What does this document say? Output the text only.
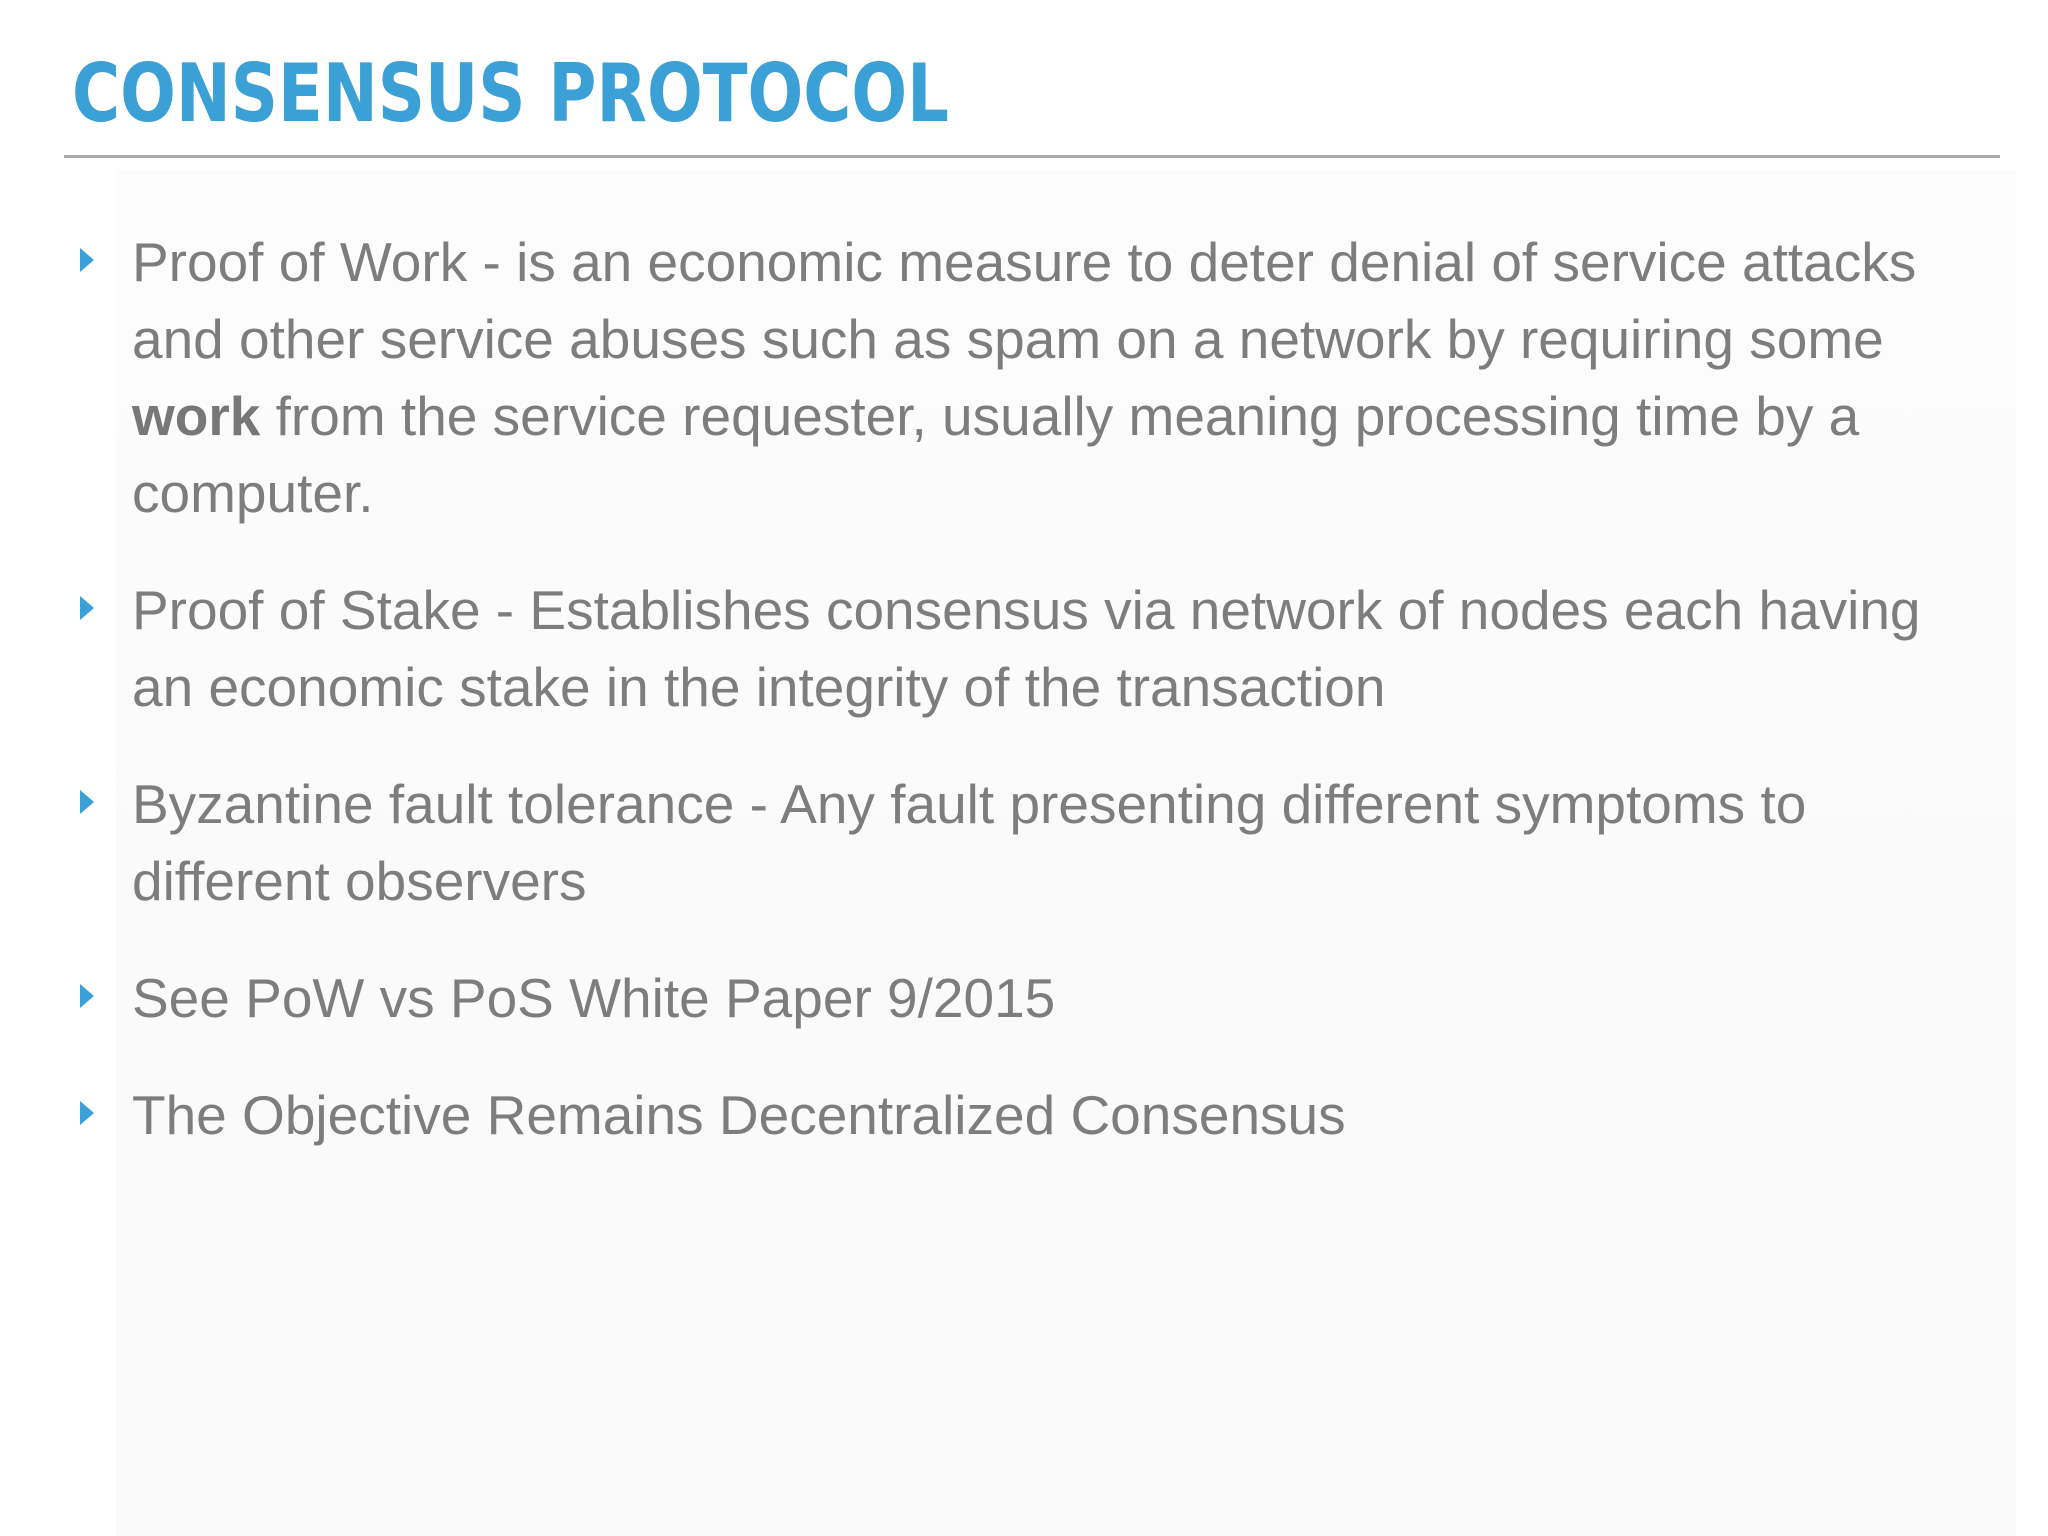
CONSENSUS PROTOCOL
Proof of Work - is an economic measure to deter denial of service attacks and other service abuses such as spam on a network by requiring some work from the service requester, usually meaning processing time by a computer.
Proof of Stake - Establishes consensus via network of nodes each having an economic stake in the integrity of the transaction
Byzantine fault tolerance - Any fault presenting different symptoms to different observers
See PoW vs PoS White Paper 9/2015
The Objective Remains Decentralized Consensus
